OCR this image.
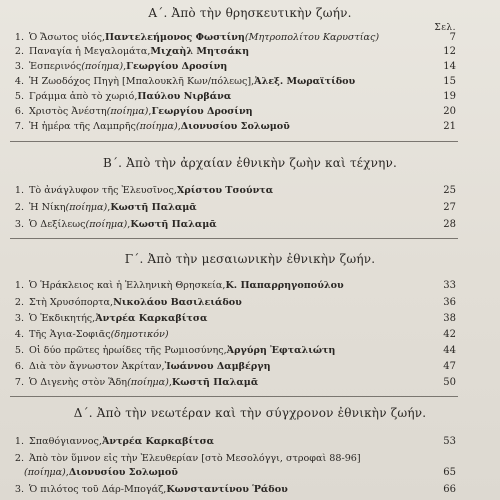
Α΄. Ἀπὸ τὴν θρησκευτικὴν ζωήν.
Σελ.
1. Ὁ Ἄσωτος υἱός, Παντελεήμονος Φωστίνη (Μητροπολίτου Καρυστίας)	7
2. Παναγία ἡ Μεγαλομάτα, Μιχαὴλ Μητσάκη	12
3. Ἑσπερινός (ποίημα) , Γεωργίου Δροσίνη	14
4. Ἡ Ζωοδόχος Πηγὴ [Μπαλουκλῆ Κων/πόλεως], Ἀλεξ. Μωραϊτίδου	15
5. Γράμμα ἀπὸ τὸ χωριό, Παύλου Νιρβάνα	19
6. Χριστὸς Ἀνέστη (ποίημα) , Γεωργίου Δροσίνη	20
7. Ἡ ἡμέρα τῆς Λαμπρῆς (ποίημα) , Διονυσίου Σολωμοῦ	21
Β΄. Ἀπὸ τὴν ἀρχαίαν ἐθνικὴν ζωὴν καὶ τέχνην.
1. Τὸ ἀνάγλυφον τῆς Ἐλευσῖνος, Χρίστου Τσούντα	25
2. Ἡ Νίκη (ποίημα) , Κωστῆ Παλαμᾶ	27
3. Ὁ Δεξίλεως (ποίημα) , Κωστῆ Παλαμᾶ	28
Γ΄. Ἀπὸ τὴν μεσαιωνικὴν ἐθνικὴν ζωήν.
1. Ὁ Ἡράκλειος καὶ ἡ Ἑλληνικὴ Θρησκεία, Κ. Παπαρρηγοπούλου	33
2. Στὴ Χρυσόπορτα, Νικολάου Βασιλειάδου	36
3. Ὁ Ἐκδικητής, Ἀντρέα Καρκαβίτσα	38
4. Τῆς Ἁγια-Σοφιᾶς (δημοτικόν)	42
5. Οἱ δύο πρῶτες ἡρωίδες τῆς Ρωμιοσύνης, Ἀργύρη Ἐφταλιώτη	44
6. Διὰ τὸν ἄγνωστον Ἀκρίταν, Ἰωάννου Δαμβέργη	47
7. Ὁ Διγενὴς στὸν Ἅδη (ποίημα) , Κωστῆ Παλαμᾶ	50
Δ΄. Ἀπὸ τὴν νεωτέραν καὶ τὴν σύγχρονον ἐθνικὴν ζωήν.
1. Σπαθόγιαννος, Ἀντρέα Καρκαβίτσα	53
2. Ἀπὸ τὸν ὕμνον εἰς τὴν Ἐλευθερίαν [στὸ Μεσολόγγι, στροφαὶ 88-96]
(ποίημα) , Διονυσίου Σολωμοῦ	65
3. Ὁ πιλότος τοῦ Δάρ-Μπογάζ, Κωνσταντίνου Ῥάδου	66
